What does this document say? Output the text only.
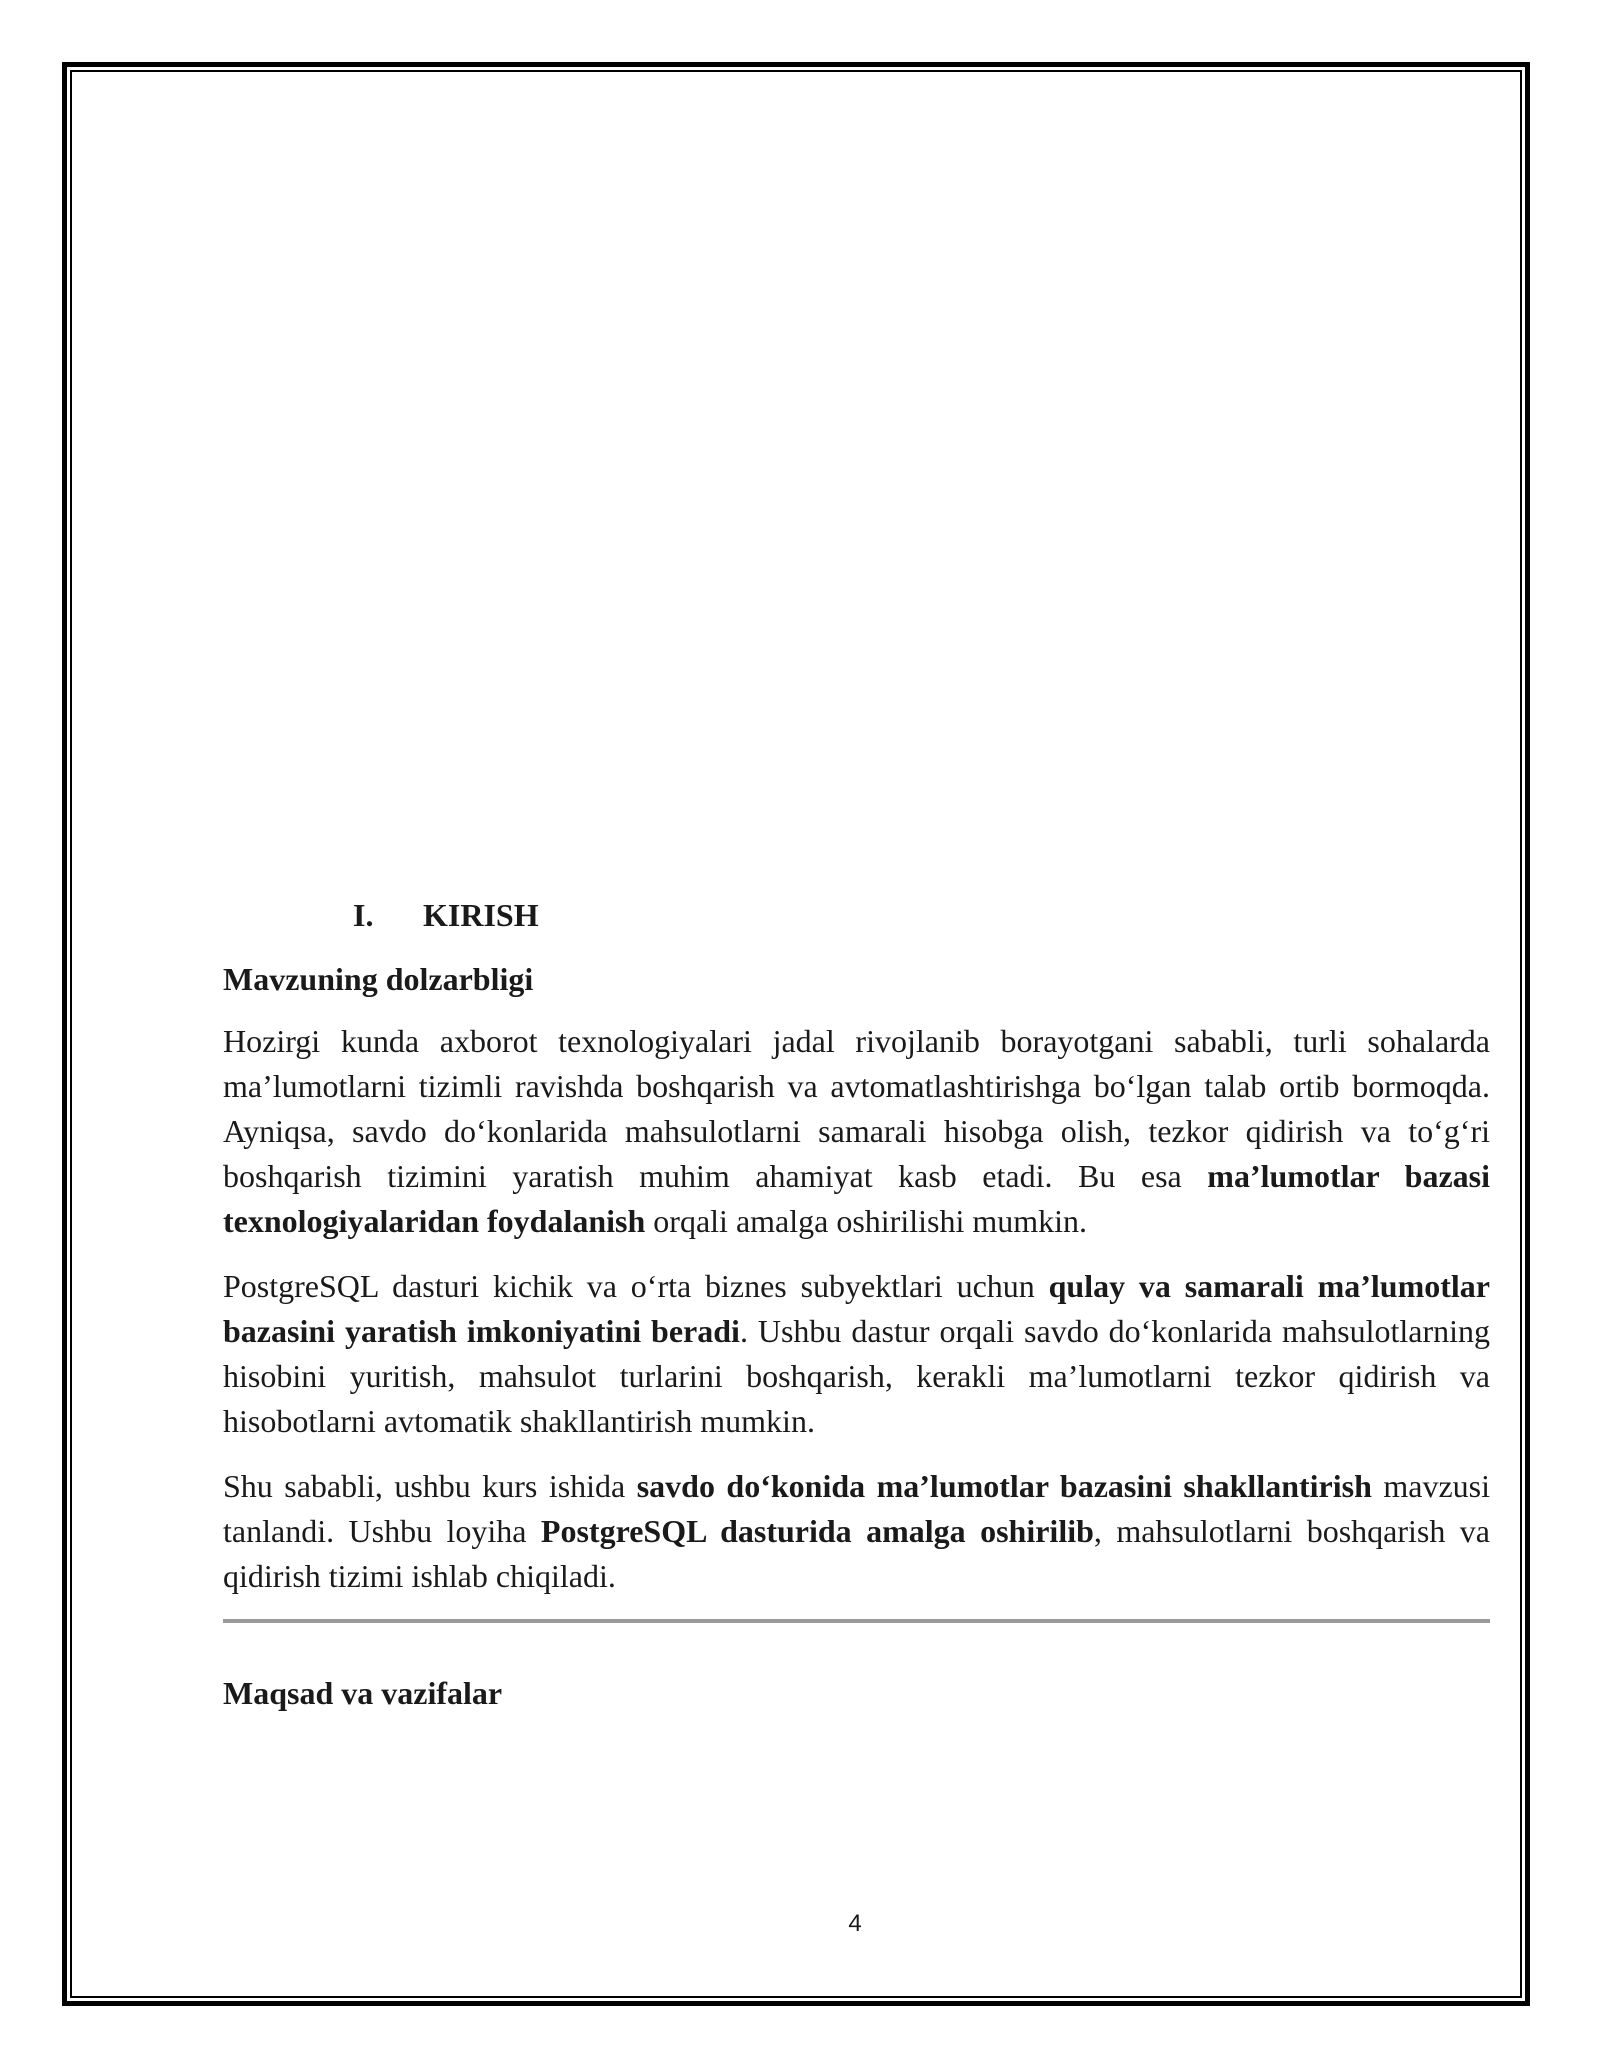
I.	KIRISH
Mavzuning dolzarbligi

Hozirgi kunda axborot texnologiyalari jadal rivojlanib borayotgani sababli, turli sohalarda ma’lumotlarni tizimli ravishda boshqarish va avtomatlashtirishga bo‘lgan talab ortib bormoqda. Ayniqsa, savdo do‘konlarida mahsulotlarni samarali hisobga olish, tezkor qidirish va to‘g‘ri boshqarish tizimini yaratish muhim ahamiyat kasb etadi. Bu esa ma’lumotlar bazasi texnologiyalaridan foydalanish orqali amalga oshirilishi mumkin.

PostgreSQL dasturi kichik va o‘rta biznes subyektlari uchun qulay va samarali ma’lumotlar bazasini yaratish imkoniyatini beradi. Ushbu dastur orqali savdo do‘konlarida mahsulotlarning hisobini yuritish, mahsulot turlarini boshqarish, kerakli ma’lumotlarni tezkor qidirish va hisobotlarni avtomatik shakllantirish mumkin.

Shu sababli, ushbu kurs ishida savdo do‘konida ma’lumotlar bazasini shakllantirish mavzusi tanlandi. Ushbu loyiha PostgreSQL dasturida amalga oshirilib, mahsulotlarni boshqarish va qidirish tizimi ishlab chiqiladi.

Maqsad va vazifalar
4
